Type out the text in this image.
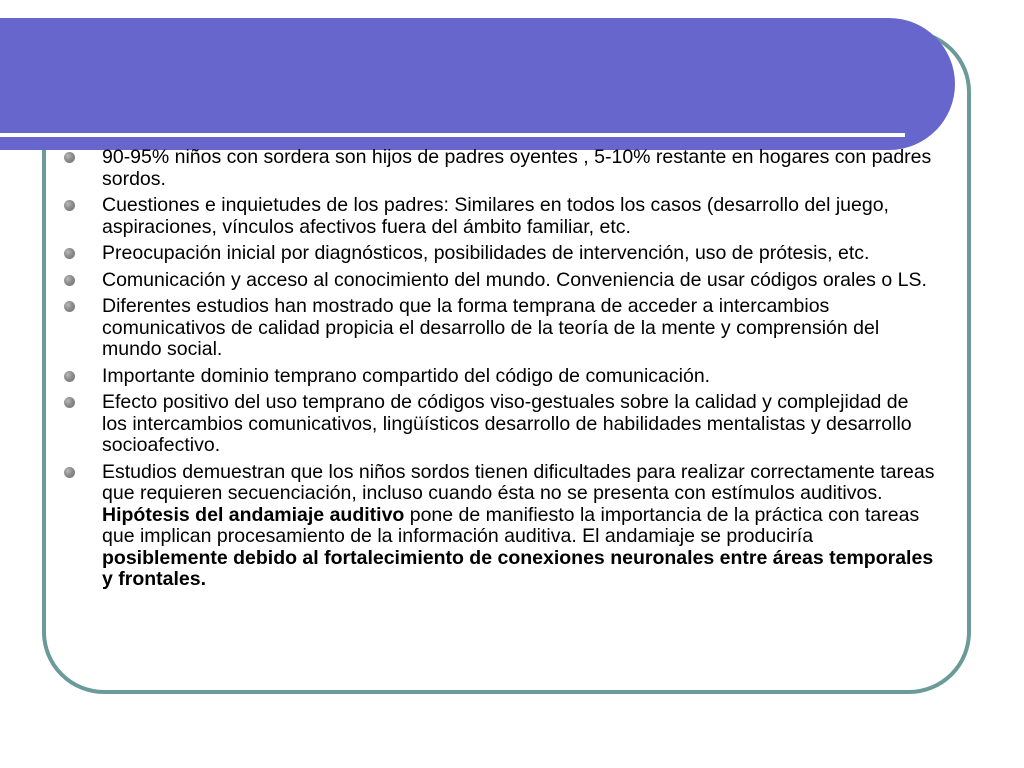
90-95% niños con sordera son hijos de padres oyentes , 5-10% restante en hogares con padres sordos.
Cuestiones e inquietudes de los padres: Similares en todos los casos (desarrollo del juego, aspiraciones, vínculos afectivos fuera del ámbito familiar, etc.
Preocupación inicial por diagnósticos, posibilidades de intervención, uso de prótesis, etc.
Comunicación y acceso al conocimiento del mundo. Conveniencia de usar códigos orales o LS.
Diferentes estudios han mostrado que la forma temprana de acceder a intercambios comunicativos de calidad propicia el desarrollo de la teoría de la mente y comprensión del mundo social.
Importante dominio temprano compartido del código de comunicación.
Efecto positivo del uso temprano de códigos viso-gestuales sobre la calidad y complejidad de los intercambios comunicativos, lingüísticos desarrollo de habilidades mentalistas y desarrollo socioafectivo.
Estudios demuestran que los niños sordos tienen dificultades para realizar correctamente tareas que requieren secuenciación, incluso cuando ésta no se presenta con estímulos auditivos. Hipótesis del andamiaje auditivo pone de manifiesto la importancia de la práctica con tareas que implican procesamiento de la información auditiva. El andamiaje se produciría posiblemente debido al fortalecimiento de conexiones neuronales entre áreas temporales y frontales.
